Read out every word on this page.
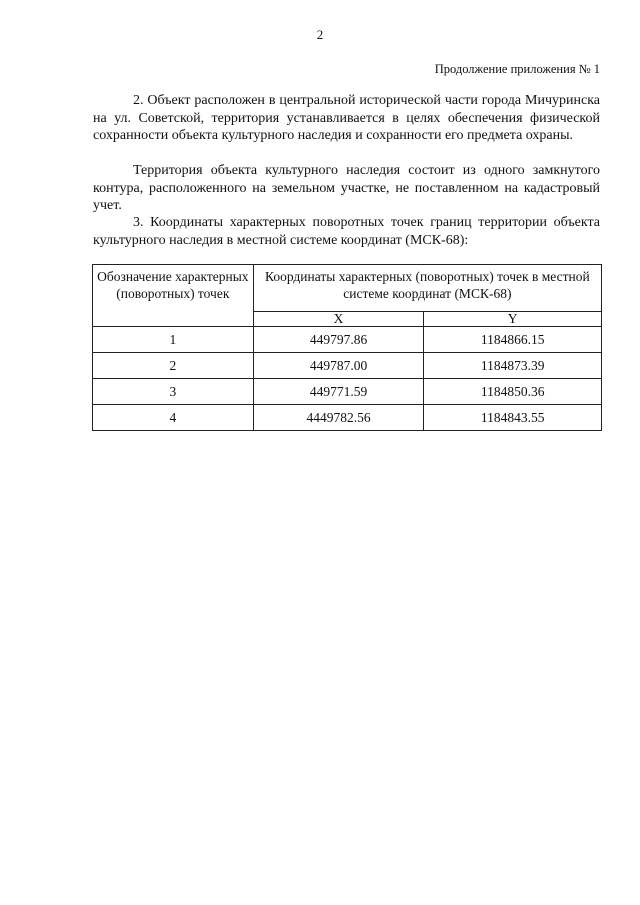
2
Продолжение приложения № 1

2. Объект расположен в центральной исторической части города Мичуринска на ул. Советской, территория устанавливается в целях обеспечения физической сохранности объекта культурного наследия и сохранности его предмета охраны.

Территория объекта культурного наследия состоит из одного замкнутого контура, расположенного на земельном участке, не поставленном на кадастровый учет.

3. Координаты характерных поворотных точек границ территории объекта культурного наследия в местной системе координат (МСК-68):

Обозначение характерных (поворотных) точек	Координаты характерных (поворотных) точек в местной системе координат (МСК-68)	
	X	Y
1	449797.86	1184866.15
2	449787.00	1184873.39
3	449771.59	1184850.36
4	4449782.56	1184843.55
